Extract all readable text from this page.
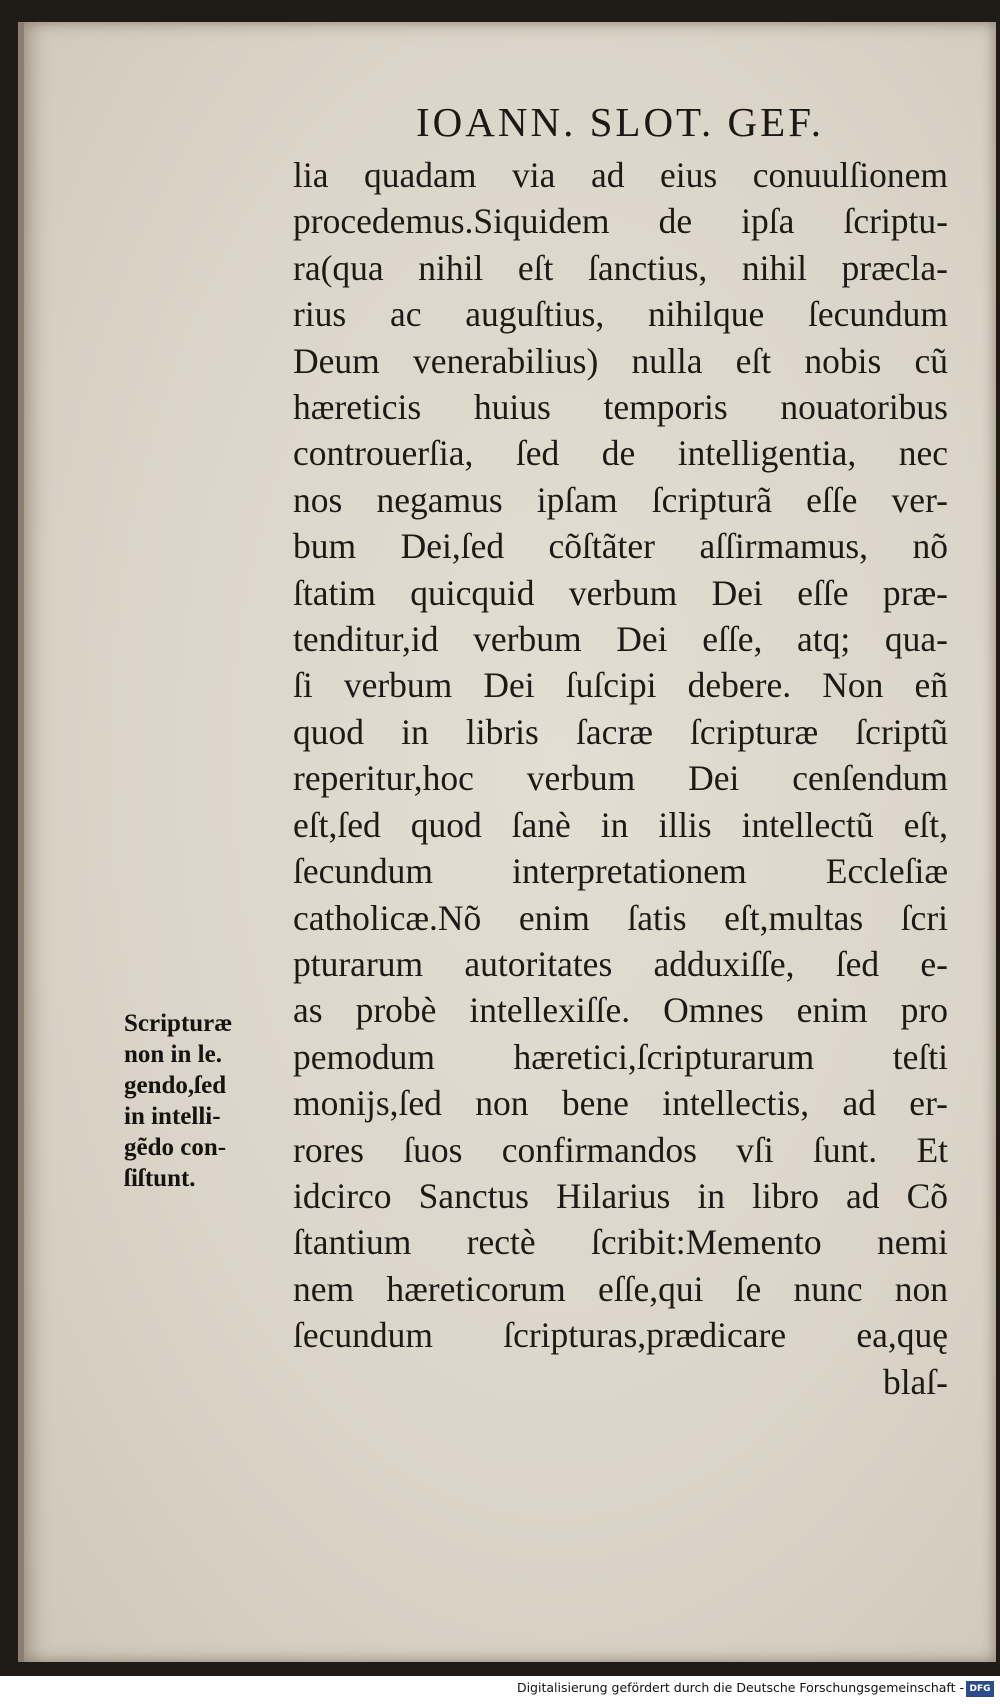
IOANN. SLOT. GEF.
lia quadam via ad eius conuulſionem
procedemus.Siquidem de ipſa ſcriptu-
ra(qua nihil eſt ſanctius, nihil præcla-
rius ac auguſtius, nihilque ſecundum
Deum venerabilius) nulla eſt nobis cũ
hæreticis huius temporis nouatoribus
controuerſia, ſed de intelligentia, nec
nos negamus ipſam ſcripturã eſſe ver-
bum Dei,ſed cõſtãter aſſirmamus, nõ
ſtatim quicquid verbum Dei eſſe præ-
tenditur,id verbum Dei eſſe, atq; qua-
ſi verbum Dei ſuſcipi debere. Non eñ
quod in libris ſacræ ſcripturæ ſcriptũ
reperitur,hoc verbum Dei cenſendum
eſt,ſed quod ſanè in illis intellectũ eſt,
ſecundum interpretationem Eccleſiæ
catholicæ.Nõ enim ſatis eſt,multas ſcri
pturarum autoritates adduxiſſe, ſed e-
as probè intellexiſſe. Omnes enim pro
pemodum hæretici,ſcripturarum teſti
monijs,ſed non bene intellectis, ad er-
rores ſuos confirmandos vſi ſunt. Et
idcirco Sanctus Hilarius in libro ad Cõ
ſtantium rectè ſcribit:Memento nemi
nem hæreticorum eſſe,qui ſe nunc non
ſecundum ſcripturas,prædicare ea,quę
blaſ-
Scripturæ
non in le.
gendo,ſed
in intelli-
gẽdo con-
ſiſtunt.
Digitalisierung gefördert durch die Deutsche Forschungsgemeinschaft - DFG
